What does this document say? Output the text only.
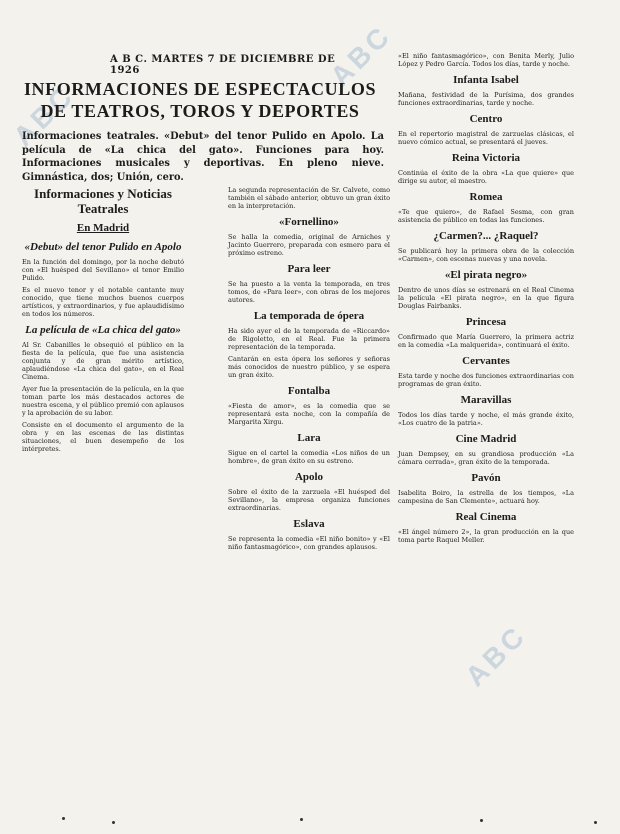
ABC
ABC
ABC
A B C. MARTES 7 DE DICIEMBRE DE 1926
INFORMACIONES DE ESPECTACULOS
DE TEATROS, TOROS Y DEPORTES
Informaciones teatrales. «Debut» del tenor Pulido en Apolo. La película de «La chica del gato». Funciones para hoy. Informaciones musicales y deportivas. En pleno nieve. Gimnástica, dos; Unión, cero.
Informaciones y Noticias
Teatrales
En Madrid
«Debut» del tenor Pulido en Apolo

En la función del domingo, por la noche debutó con «El huésped del Sevillano» el tenor Emilio Pulido.

Es el nuevo tenor y el notable cantante muy conocido, que tiene muchos buenos cuerpos artísticos, y extraordinarios, y fue aplaudidísimo en todos los números.

La película de «La chica del gato»

Al Sr. Cabanilles le obsequió el público en la fiesta de la película, que fue una asistencia conjunta y de gran mérito artístico, aplaudiéndose «La chica del gato», en el Real Cinema.

Ayer fue la presentación de la película, en la que toman parte los más destacados actores de nuestra escena, y el público premió con aplausos y la aprobación de su labor.

Consiste en el documento el argumento de la obra y en las escenas de las distintas situaciones, el buen desempeño de los intérpretes.

La segunda representación de Sr. Calvete, como también el sábado anterior, obtuvo un gran éxito en la interpretación.

«Fornellino»

Se halla la comedia, original de Arniches y Jacinto Guerrero, preparada con esmero para el próximo estreno.

Para leer

Se ha puesto a la venta la temporada, en tres tomos, de «Para leer», con obras de los mejores autores.

La temporada de ópera

Ha sido ayer el de la temporada de «Riccardo» de Rigoletto, en el Real. Fue la primera representación de la temporada.

Cantarán en esta ópera los señores y señoras más conocidos de nuestro público, y se espera un gran éxito.

Fontalba

«Fiesta de amor», es la comedia que se representará esta noche, con la compañía de Margarita Xirgu.

Lara

Sigue en el cartel la comedia «Los niños de un hombre», de gran éxito en su estreno.

Apolo

Sobre el éxito de la zarzuela «El huésped del Sevillano», la empresa organiza funciones extraordinarias.

Eslava

Se representa la comedia «El niño bonito» y «El niño fantasmagórico», con grandes aplausos.

«El niño fantasmagórico», con Benita Merly, Julio López y Pedro García. Todos los días, tarde y noche.

Infanta Isabel

Mañana, festividad de la Purísima, dos grandes funciones extraordinarias, tarde y noche.

Centro

En el repertorio magistral de zarzuelas clásicas, el nuevo cómico actual, se presentará el jueves.

Reina Victoria

Continúa el éxito de la obra «La que quiere» que dirige su autor, el maestro.

Romea

«Te que quiero», de Rafael Sesma, con gran asistencia de público en todas las funciones.

¿Carmen?... ¿Raquel?

Se publicará hoy la primera obra de la colección «Carmen», con escenas nuevas y una novela.

«El pirata negro»

Dentro de unos días se estrenará en el Real Cinema la película «El pirata negro», en la que figura Douglas Fairbanks.

Princesa

Confirmado que María Guerrero, la primera actriz en la comedia «La malquerida», continuará el éxito.

Cervantes

Esta tarde y noche dos funciones extraordinarias con programas de gran éxito.

Maravillas

Todos los días tarde y noche, el más grande éxito, «Los cuatro de la patria».

Cine Madrid

Juan Dempsey, en su grandiosa producción «La cámara cerrada», gran éxito de la temporada.

Pavón

Isabelita Boiro, la estrella de los tiempos, «La campesina de San Clemente», actuará hoy.

Real Cinema

«El ángel número 2», la gran producción en la que toma parte Raquel Meller.
